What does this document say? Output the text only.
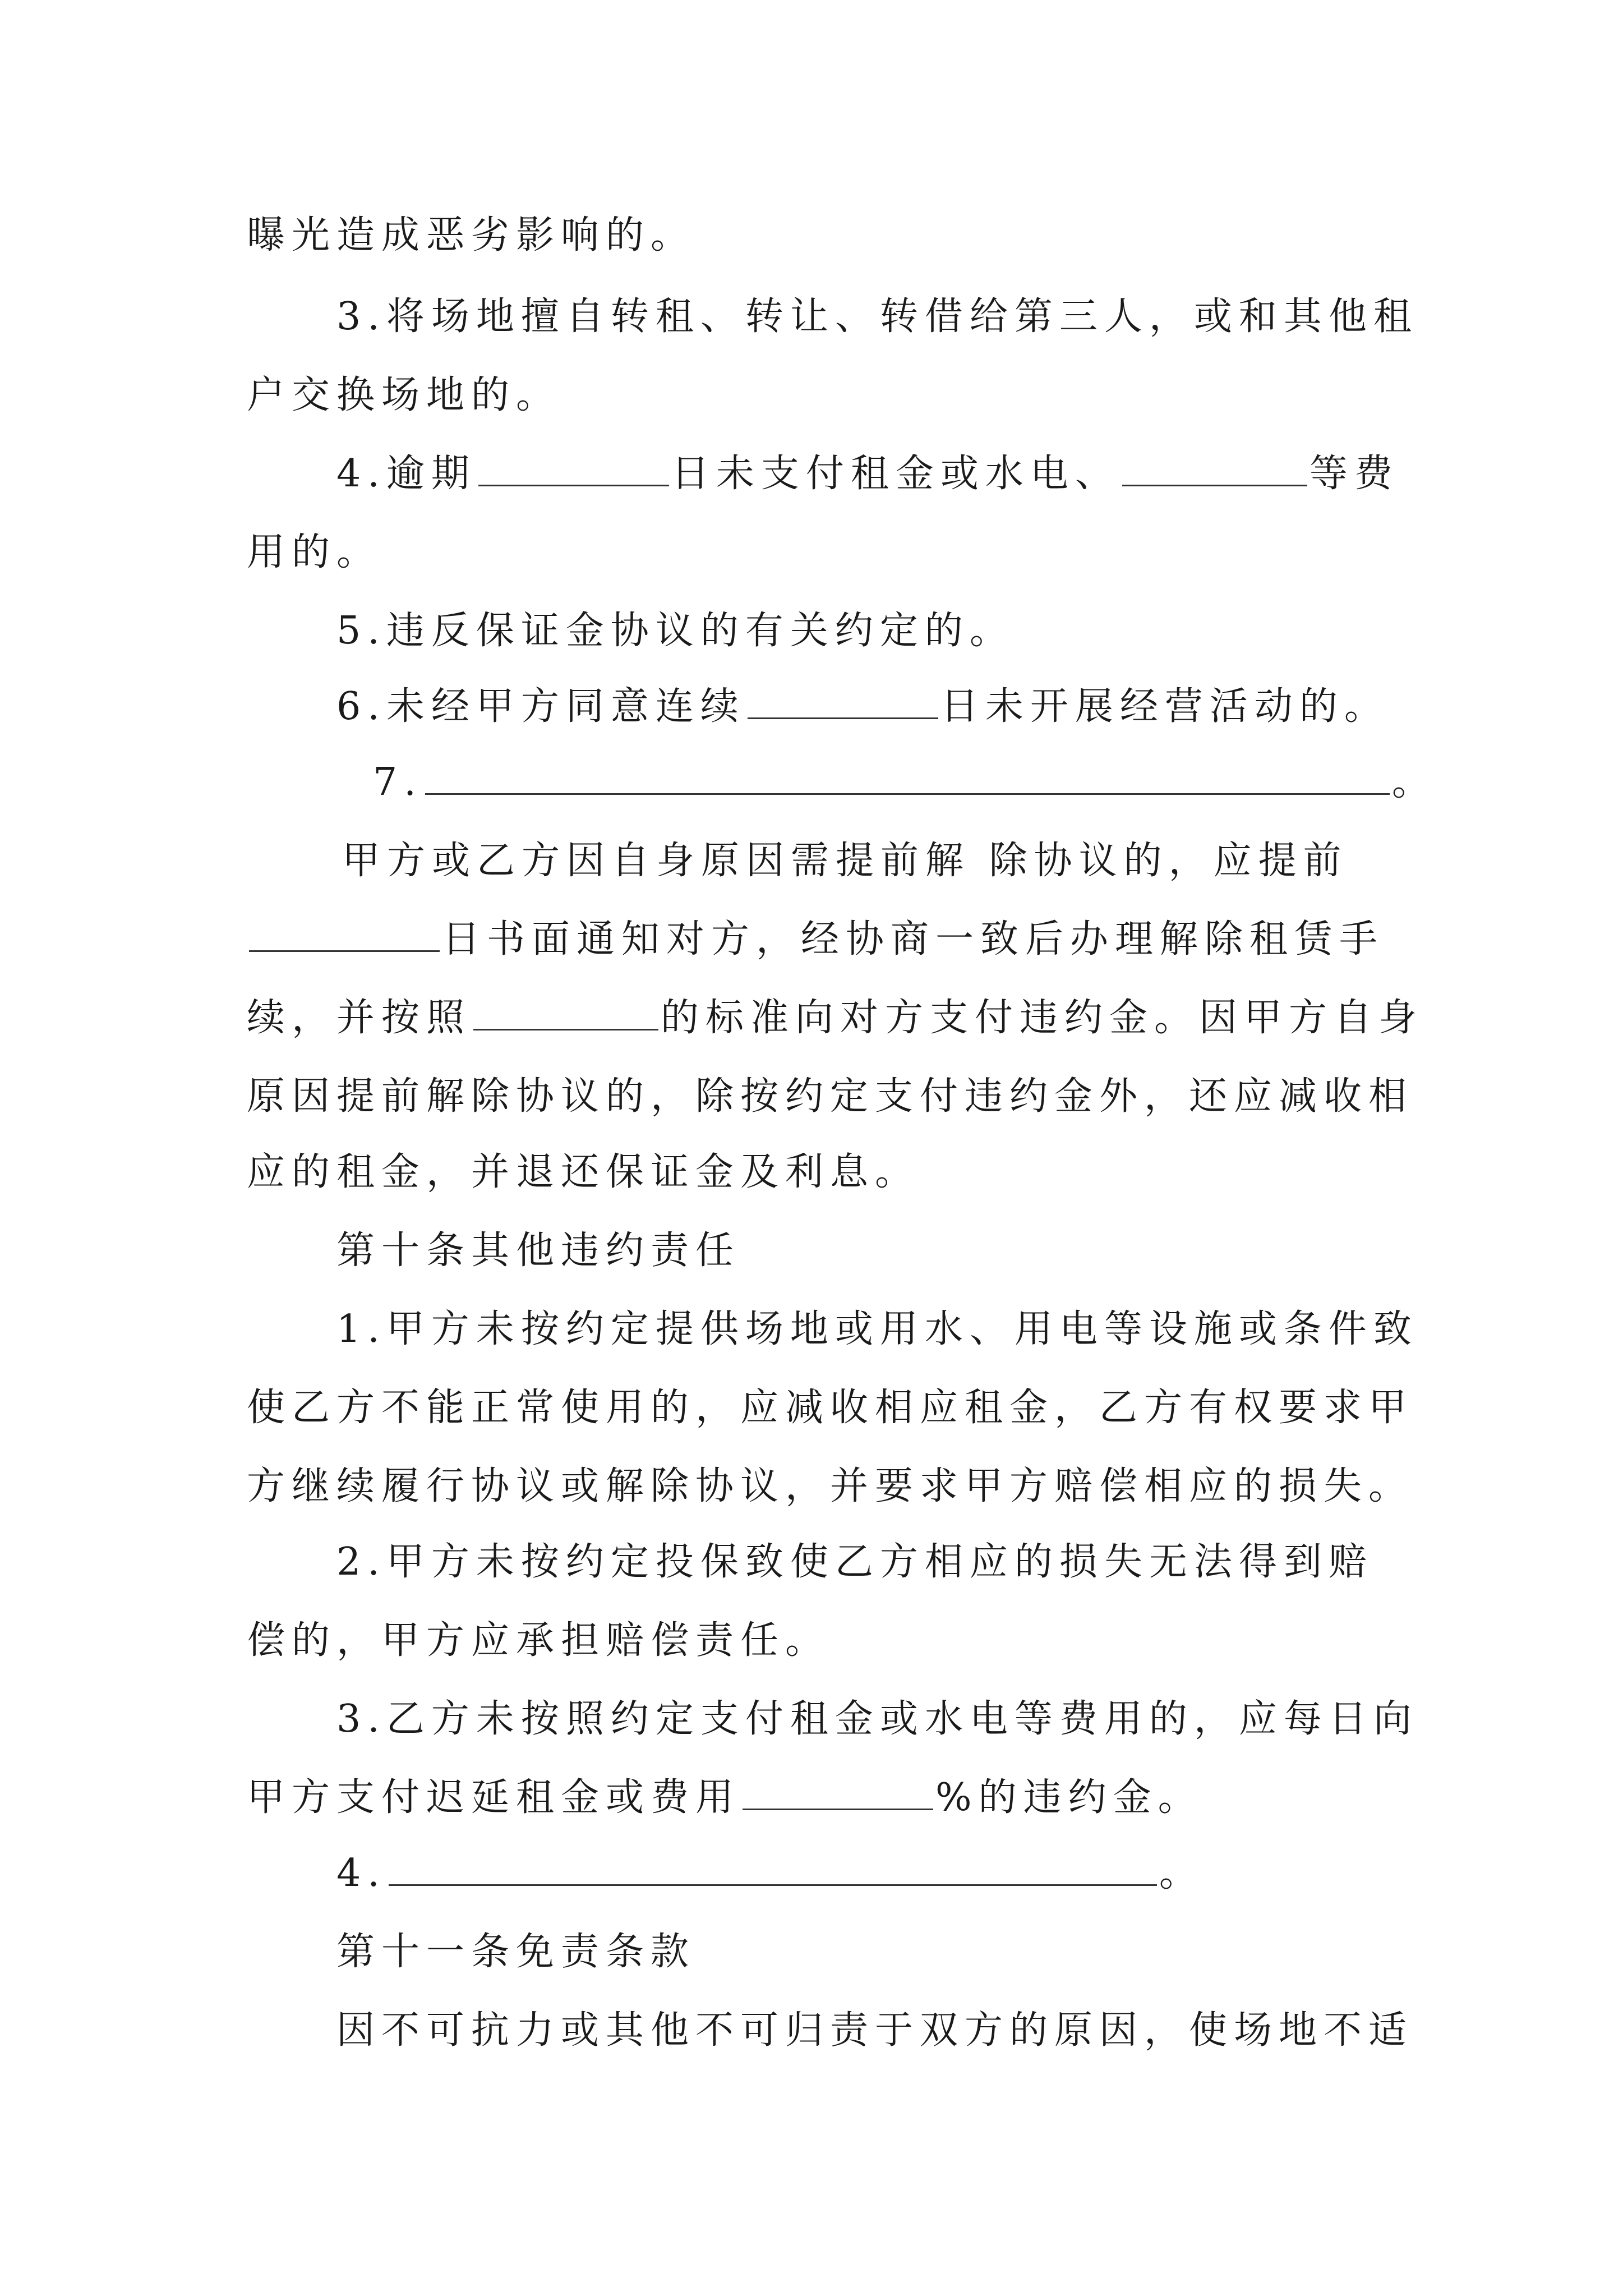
曝光造成恶劣影响的。
3.将场地擅自转租、转让、转借给第三人，或和其他租
户交换场地的。
4.逾期	日未支付租金或水电、	等费
用的。
5.违反保证金协议的有关约定的。
6.未经甲方同意连续	日未开展经营活动的。
7.	。
甲方或乙方因自身原因需提前解 除协议的，应提前
日书面通知对方，经协商一致后办理解除租赁手
续，并按照	的标准向对方支付违约金。因甲方自身
原因提前解除协议的，除按约定支付违约金外，还应减收相
应的租金，并退还保证金及利息。
第十条其他违约责任
1.甲方未按约定提供场地或用水、用电等设施或条件致
使乙方不能正常使用的，应减收相应租金，乙方有权要求甲
方继续履行协议或解除协议，并要求甲方赔偿相应的损失。
2.甲方未按约定投保致使乙方相应的损失无法得到赔
偿的，甲方应承担赔偿责任。
3.乙方未按照约定支付租金或水电等费用的，应每日向
甲方支付迟延租金或费用	%的违约金。
4.	。
第十一条免责条款
因不可抗力或其他不可归责于双方的原因，使场地不适
